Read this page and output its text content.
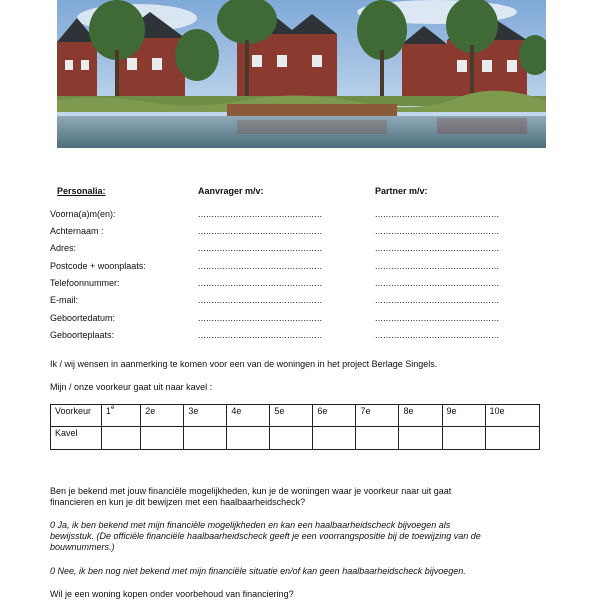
Personalia:	Aanvrager m/v:	Partner m/v:
Voorna(a)m(en):	..............................................	..............................................
Achternaam :	..............................................	..............................................
Adres:	..............................................	..............................................
Postcode + woonplaats:	..............................................	..............................................
Telefoonnummer:	..............................................	..............................................
E-mail:	..............................................	..............................................
Geboortedatum:	..............................................	..............................................
Geboorteplaats:	..............................................	..............................................
Ik / wij wensen in aanmerking te komen voor een van de woningen in het project Berlage Singels.
Mijn / onze voorkeur gaat uit naar kavel :
Voorkeur	1e	2e	3e	4e	5e	6e	7e	8e	9e	10e
Kavel										
Ben je bekend met jouw financiële mogelijkheden, kun je de woningen waar je voorkeur naar uit gaat
financieren en kun je dit bewijzen met een haalbaarheidscheck?
0 Ja, ik ben bekend met mijn financiële mogelijkheden en kan een haalbaarheidscheck bijvoegen als
bewijsstuk. (De officiële financiële haalbaarheidscheck geeft je een voorrangspositie bij de toewijzing van de
bouwnummers.)
0 Nee, ik ben nog niet bekend met mijn financiële situatie en/of kan geen haalbaarheidscheck bijvoegen.
Wil je een woning kopen onder voorbehoud van financiering?
